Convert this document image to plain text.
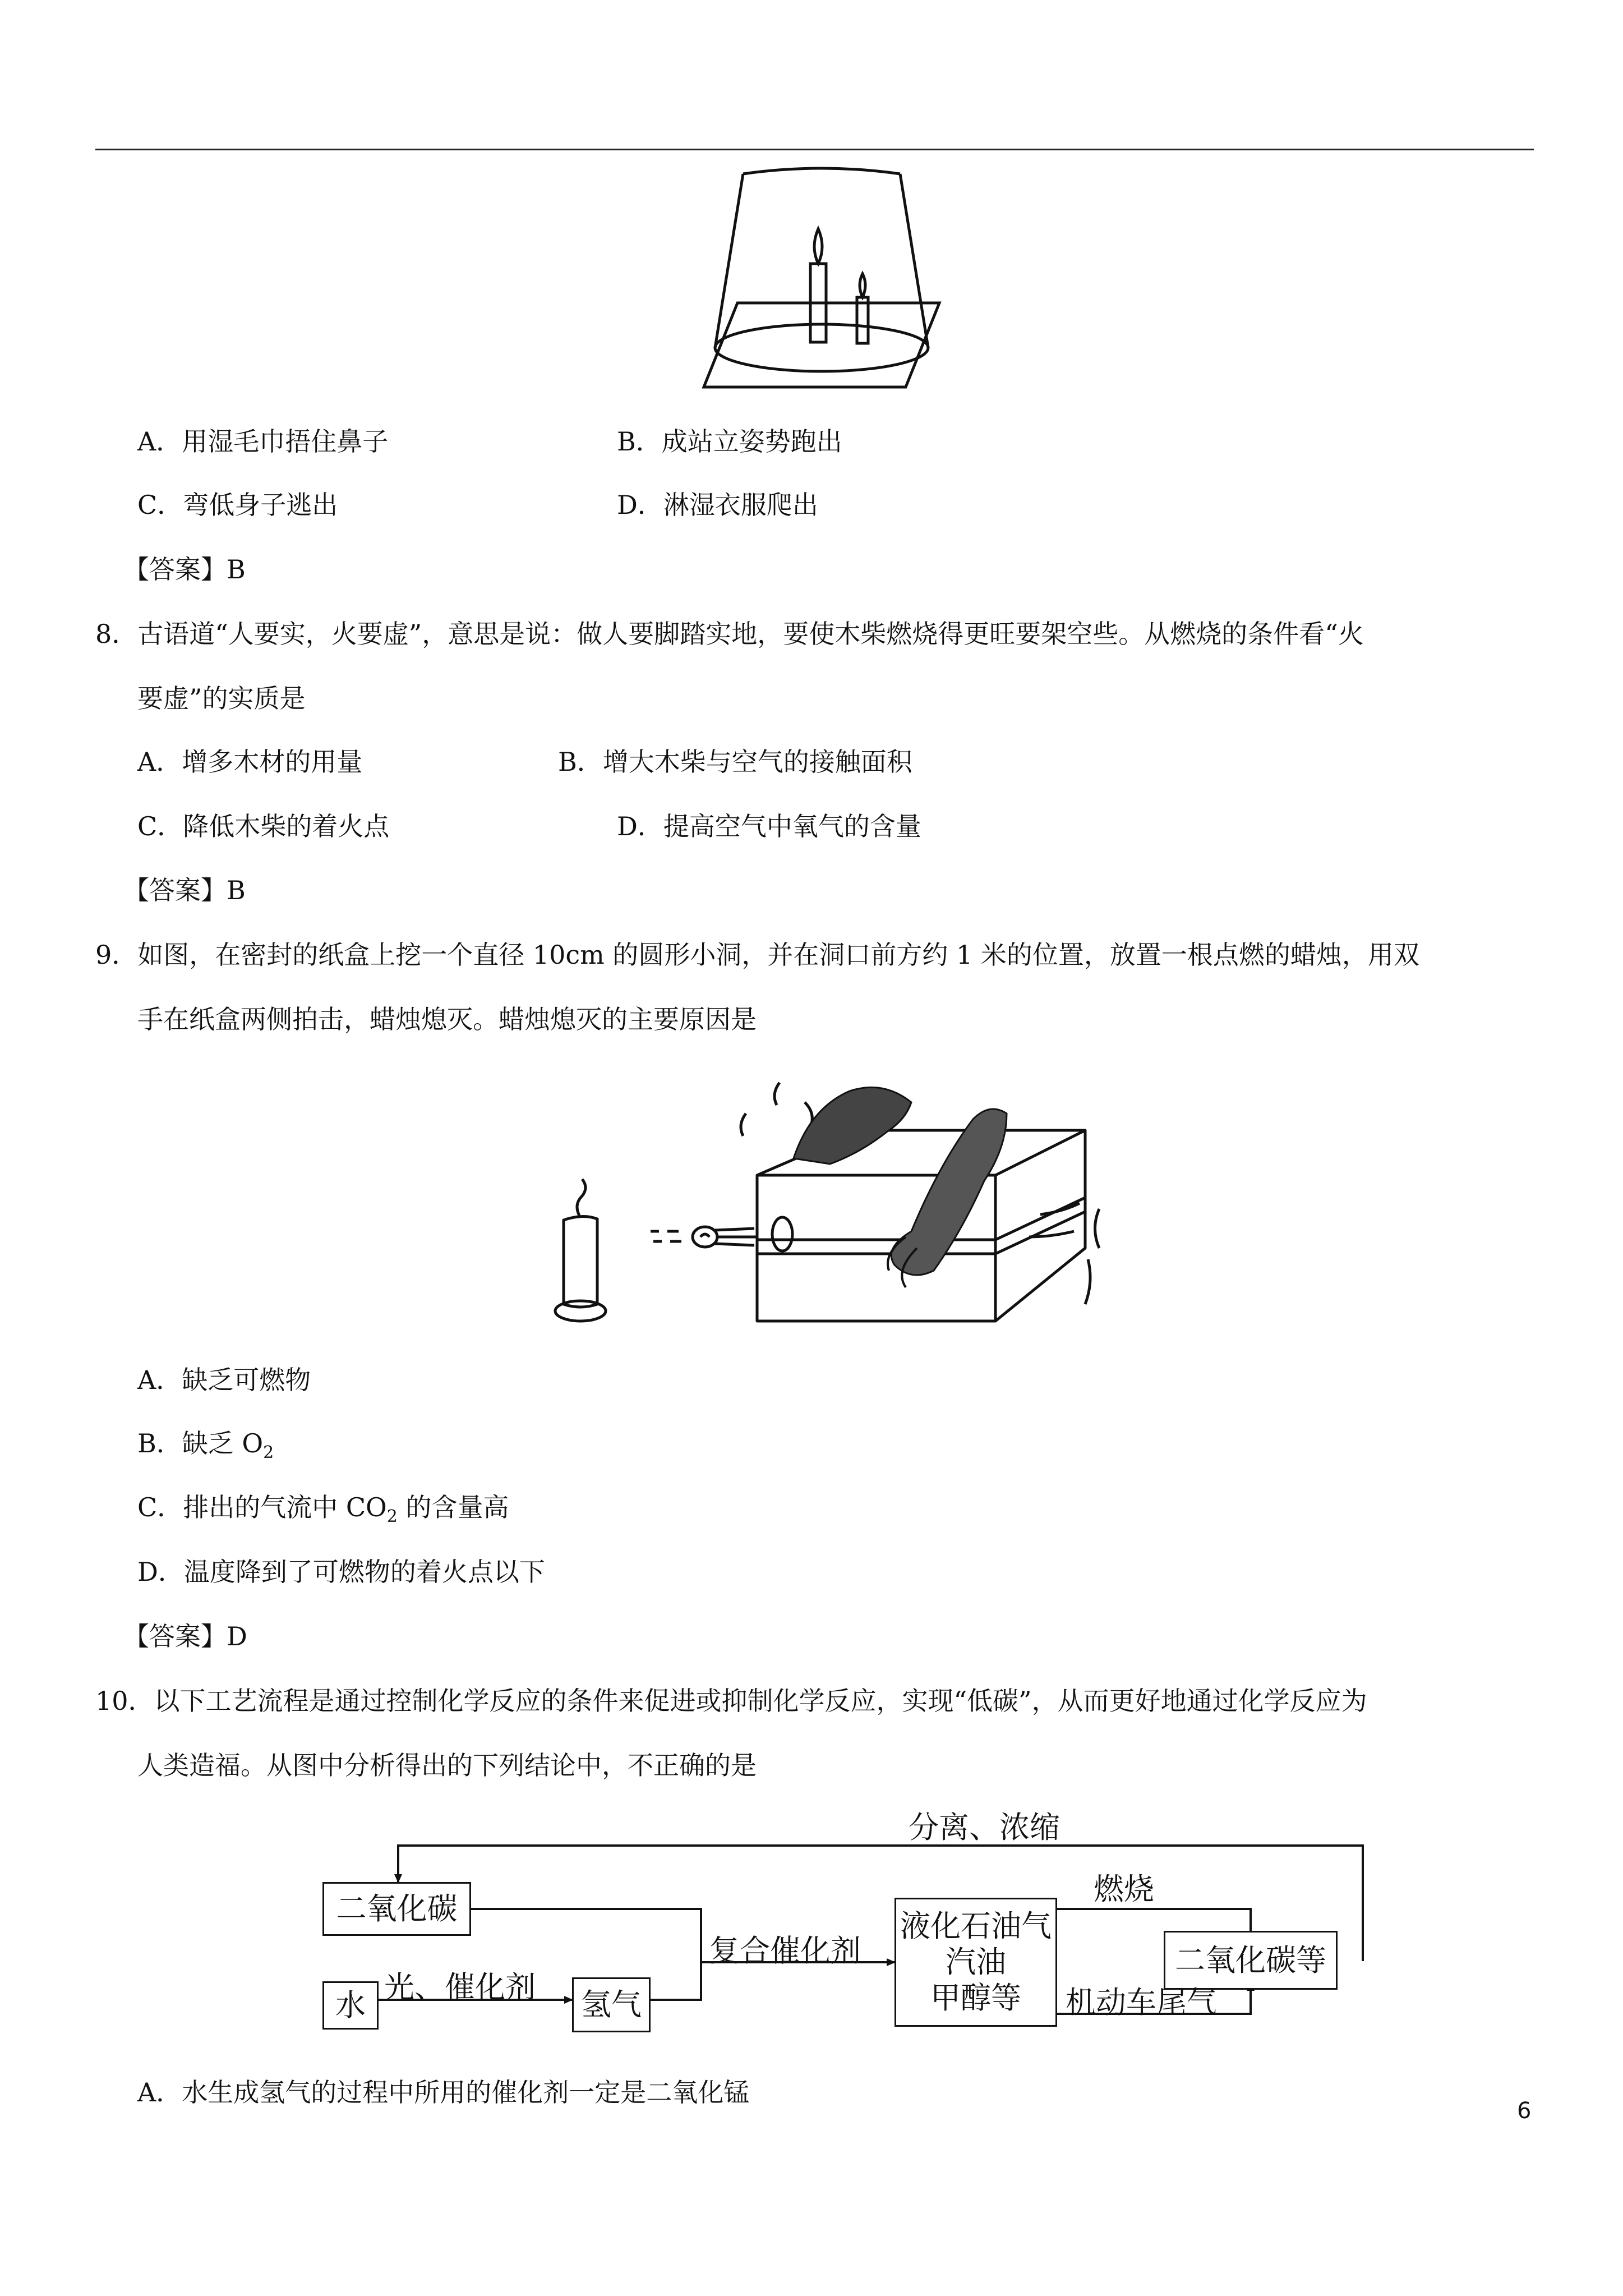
A．用湿毛巾捂住鼻子	B．成站立姿势跑出
C．弯低身子逃出	D．淋湿衣服爬出
【答案】B
8．古语道“人要实，火要虚”，意思是说：做人要脚踏实地，要使木柴燃烧得更旺要架空些。从燃烧的条件看“火
要虚”的实质是
A．增多木材的用量	B．增大木柴与空气的接触面积
C．降低木柴的着火点	D．提高空气中氧气的含量
【答案】B
9．如图，在密封的纸盒上挖一个直径 10cm 的圆形小洞，并在洞口前方约 1 米的位置，放置一根点燃的蜡烛，用双
手在纸盒两侧拍击，蜡烛熄灭。蜡烛熄灭的主要原因是
A．缺乏可燃物
B．缺乏 $O_2$
C．排出的气流中 $CO_2$ 的含量高
D．温度降到了可燃物的着火点以下
【答案】D
10．以下工艺流程是通过控制化学反应的条件来促进或抑制化学反应，实现“低碳”，从而更好地通过化学反应为
人类造福。从图中分析得出的下列结论中，不正确的是
二氧化碳
水	氢气
液化石油气
汽油
甲醇等
二氧化碳等
分离、浓缩
光、催化剂
复合催化剂
燃烧
机动车尾气
A．水生成氢气的过程中所用的催化剂一定是二氧化锰
6
